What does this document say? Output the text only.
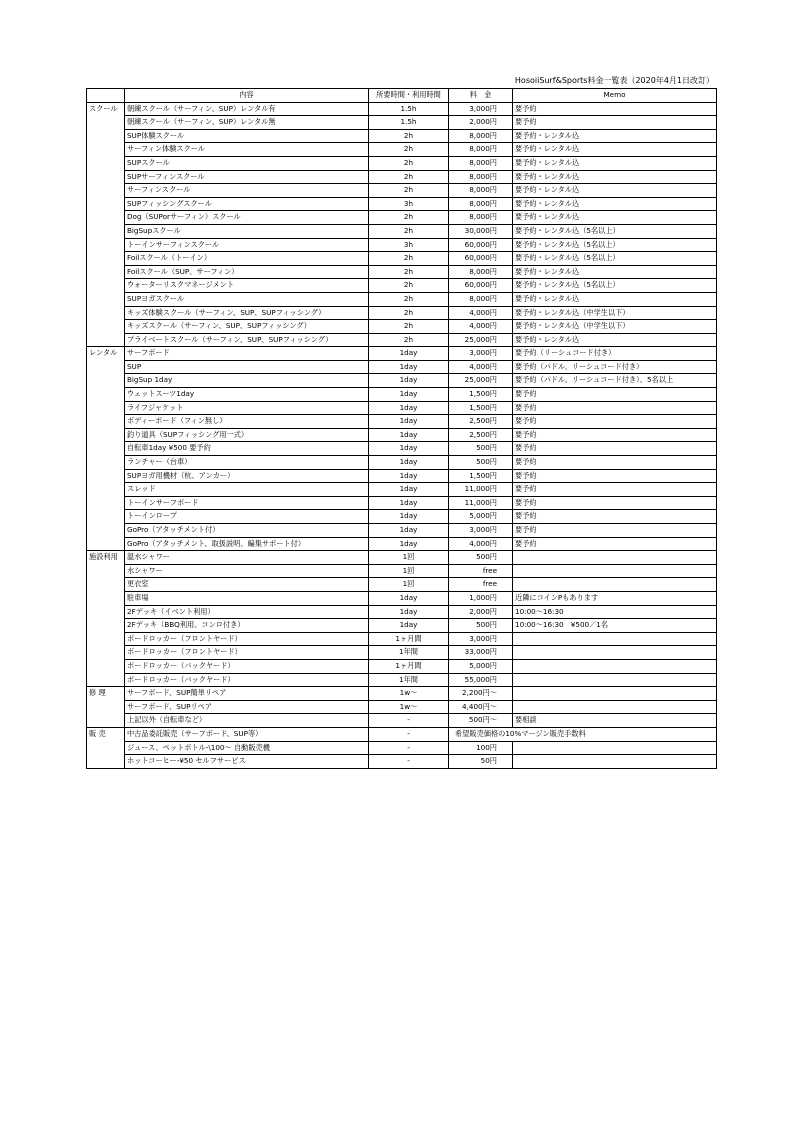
HosoiiSurf&Sports料金一覧表（2020年4月1日改訂）
	内容	所要時間・利用時間	料　金	Memo
スクール	朝練スクール（サーフィン、SUP）レンタル有	1.5h	3,000円	要予約
	朝練スクール（サーフィン、SUP）レンタル無	1.5h	2,000円	要予約
	SUP体験スクール	2h	8,000円	要予約・レンタル込
	サーフィン体験スクール	2h	8,000円	要予約・レンタル込
	SUPスクール	2h	8,000円	要予約・レンタル込
	SUPサーフィンスクール	2h	8,000円	要予約・レンタル込
	サーフィンスクール	2h	8,000円	要予約・レンタル込
	SUPフィッシングスクール	3h	8,000円	要予約・レンタル込
	Dog（SUPorサーフィン）スクール	2h	8,000円	要予約・レンタル込
	BigSupスクール	2h	30,000円	要予約・レンタル込（5名以上）
	トーインサーフィンスクール	3h	60,000円	要予約・レンタル込（5名以上）
	Foilスクール（トーイン）	2h	60,000円	要予約・レンタル込（5名以上）
	Foilスクール（SUP、サーフィン）	2h	8,000円	要予約・レンタル込
	ウォーターリスクマネージメント	2h	60,000円	要予約・レンタル込（5名以上）
	SUPヨガスクール	2h	8,000円	要予約・レンタル込
	キッズ体験スクール（サーフィン、SUP、SUPフィッシング）	2h	4,000円	要予約・レンタル込（中学生以下）
	キッズスクール（サーフィン、SUP、SUPフィッシング）	2h	4,000円	要予約・レンタル込（中学生以下）
	プライベートスクール（サーフィン、SUP、SUPフィッシング）	2h	25,000円	要予約・レンタル込
レンタル	サーフボード	1day	3,000円	要予約（リーシュコード付き）
	SUP	1day	4,000円	要予約（パドル、リーシュコード付き）
	BigSup 1day	1day	25,000円	要予約（パドル、リーシュコード付き）、5名以上
	ウェットスーツ1day	1day	1,500円	要予約
	ライフジャケット	1day	1,500円	要予約
	ボディーボード（フィン無し）	1day	2,500円	要予約
	釣り道具（SUPフィッシング用一式）	1day	2,500円	要予約
	自転車1day ¥500 要予約	1day	500円	要予約
	ランチャー（台車）	1day	500円	要予約
	SUPヨガ用機材（杭、アンカー）	1day	1,500円	要予約
	スレッド	1day	11,000円	要予約
	トーインサーフボード	1day	11,000円	要予約
	トーインロープ	1day	5,000円	要予約
	GoPro（アタッチメント付）	1day	3,000円	要予約
	GoPro（アタッチメント、取扱説明、編集サポート付）	1day	4,000円	要予約
施設利用	温水シャワー	1回	500円	
	水シャワー	1回	free	
	更衣室	1回	free	
	駐車場	1day	1,000円	近隣にコインPもあります
	2Fデッキ（イベント利用）	1day	2,000円	10:00～16:30
	2Fデッキ（BBQ利用、コンロ付き）	1day	500円	10:00～16:30　¥500／1名
	ボードロッカー（フロントヤード）	1ヶ月間	3,000円	
	ボードロッカー（フロントヤード）	1年間	33,000円	
	ボードロッカー（バックヤード）	1ヶ月間	5,000円	
	ボードロッカー（バックヤード）	1年間	55,000円	
修 理	サーフボード、SUP簡単リペア	1w～	2,200円～	
	サーフボード、SUPリペア	1w～	4,400円～	
	上記以外（自転車など）	-	500円～	要相談
販 売	中古品委託販売（サーフボード、SUP等）	-	希望販売価格の10%マージン販売手数料	
	ジュース、ペットボトル-\100～ 自動販売機	-	100円	
	ホットコーヒー-¥50 セルフサービス	-	50円	
